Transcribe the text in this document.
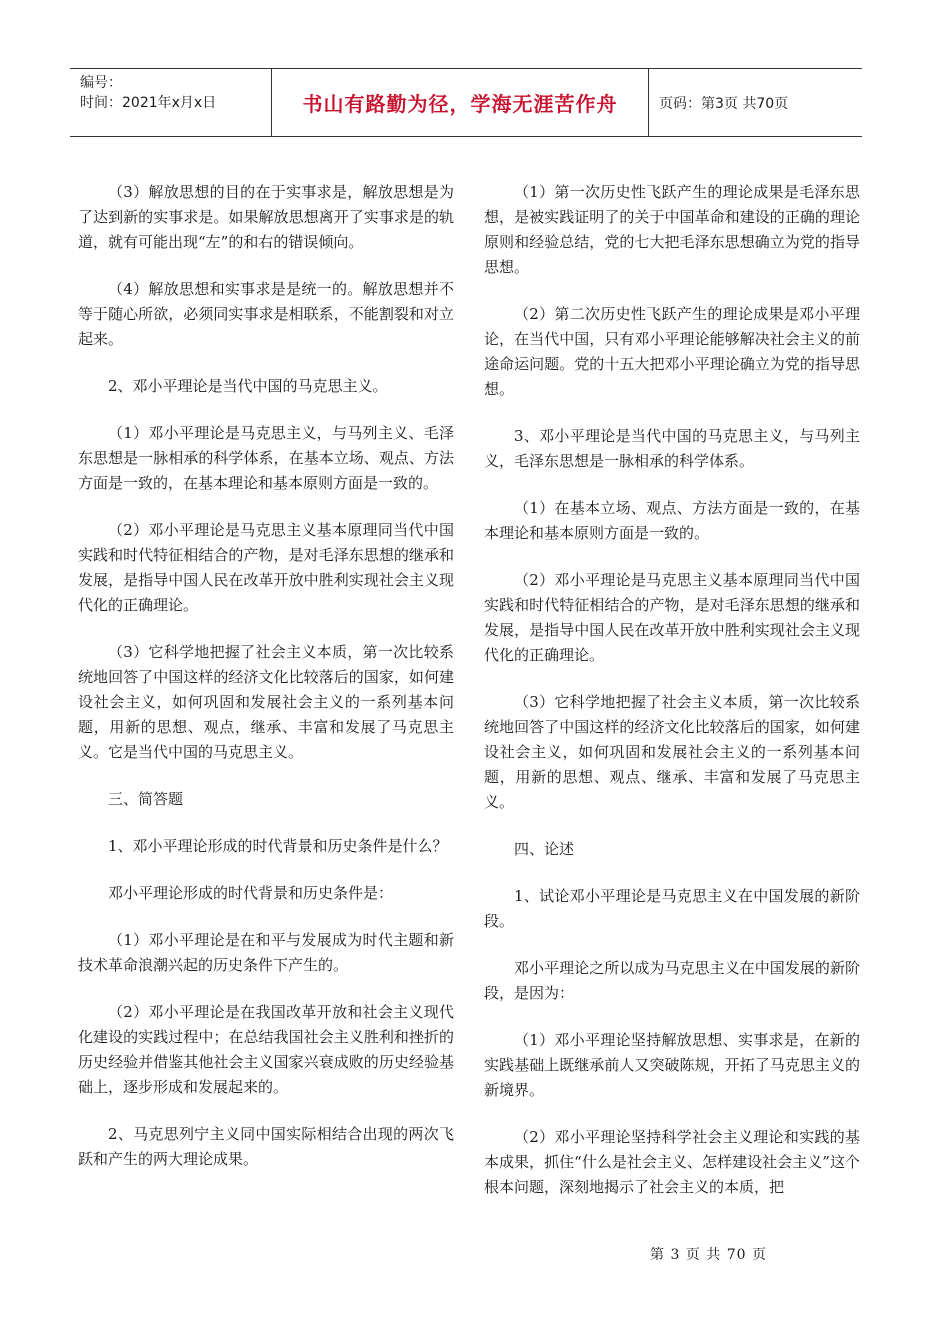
编号：
时间：2021年x月x日	书山有路勤为径，学海无涯苦作舟	页码：第3页 共70页

（3）解放思想的目的在于实事求是，解放思想是为了达到新的实事求是。如果解放思想离开了实事求是的轨道，就有可能出现“左”的和右的错误倾向。

（4）解放思想和实事求是是统一的。解放思想并不等于随心所欲，必须同实事求是相联系，不能割裂和对立起来。

2、邓小平理论是当代中国的马克思主义。

（1）邓小平理论是马克思主义，与马列主义、毛泽东思想是一脉相承的科学体系，在基本立场、观点、方法方面是一致的，在基本理论和基本原则方面是一致的。

（2）邓小平理论是马克思主义基本原理同当代中国实践和时代特征相结合的产物，是对毛泽东思想的继承和发展，是指导中国人民在改革开放中胜利实现社会主义现代化的正确理论。

（3）它科学地把握了社会主义本质，第一次比较系统地回答了中国这样的经济文化比较落后的国家，如何建设社会主义，如何巩固和发展社会主义的一系列基本问题，用新的思想、观点，继承、丰富和发展了马克思主义。它是当代中国的马克思主义。

三、简答题

1、邓小平理论形成的时代背景和历史条件是什么？

邓小平理论形成的时代背景和历史条件是：

（1）邓小平理论是在和平与发展成为时代主题和新技术革命浪潮兴起的历史条件下产生的。

（2）邓小平理论是在我国改革开放和社会主义现代化建设的实践过程中；在总结我国社会主义胜利和挫折的历史经验并借鉴其他社会主义国家兴衰成败的历史经验基础上，逐步形成和发展起来的。

2、马克思列宁主义同中国实际相结合出现的两次飞跃和产生的两大理论成果。

（1）第一次历史性飞跃产生的理论成果是毛泽东思想，是被实践证明了的关于中国革命和建设的正确的理论原则和经验总结，党的七大把毛泽东思想确立为党的指导思想。

（2）第二次历史性飞跃产生的理论成果是邓小平理论，在当代中国，只有邓小平理论能够解决社会主义的前途命运问题。党的十五大把邓小平理论确立为党的指导思想。

3、邓小平理论是当代中国的马克思主义，与马列主义，毛泽东思想是一脉相承的科学体系。

（1）在基本立场、观点、方法方面是一致的，在基本理论和基本原则方面是一致的。

（2）邓小平理论是马克思主义基本原理同当代中国实践和时代特征相结合的产物，是对毛泽东思想的继承和发展，是指导中国人民在改革开放中胜利实现社会主义现代化的正确理论。

（3）它科学地把握了社会主义本质，第一次比较系统地回答了中国这样的经济文化比较落后的国家，如何建设社会主义，如何巩固和发展社会主义的一系列基本问题，用新的思想、观点、继承、丰富和发展了马克思主义。

四、论述

1、试论邓小平理论是马克思主义在中国发展的新阶段。

邓小平理论之所以成为马克思主义在中国发展的新阶段，是因为：

（1）邓小平理论坚持解放思想、实事求是，在新的实践基础上既继承前人又突破陈规，开拓了马克思主义的新境界。

（2）邓小平理论坚持科学社会主义理论和实践的基本成果，抓住“什么是社会主义、怎样建设社会主义”这个根本问题，深刻地揭示了社会主义的本质，把

第 3 页 共 70 页
